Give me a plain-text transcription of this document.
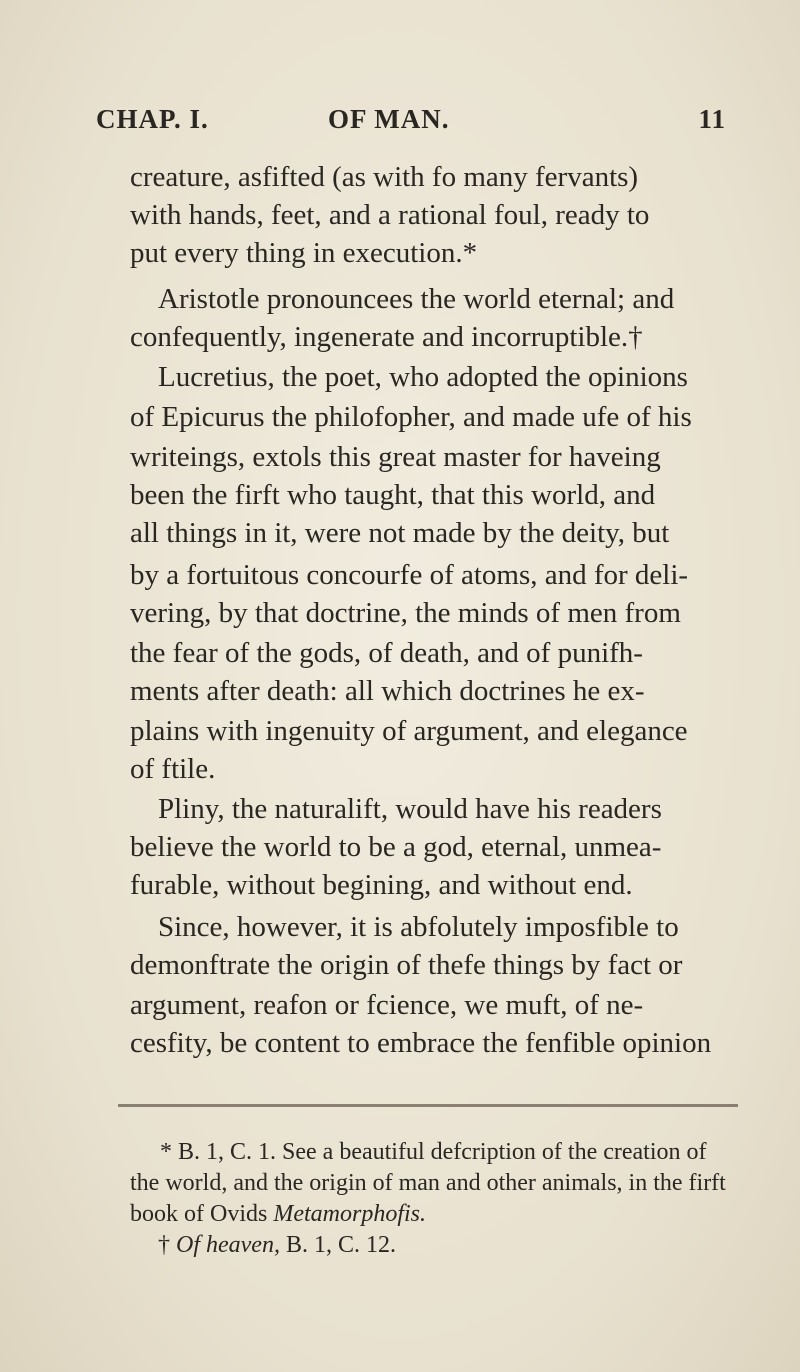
CHAP. I.	OF MAN.	11
creature, asfifted (as with fo many fervants)
with hands, feet, and a rational foul, ready to
put every thing in execution.*
Aristotle pronouncees the world eternal; and
confequently, ingenerate and incorruptible.†
Lucretius, the poet, who adopted the opinions
of Epicurus the philofopher, and made ufe of his
writeings, extols this great master for haveing
been the firft who taught, that this world, and
all things in it, were not made by the deity, but
by a fortuitous concourfe of atoms, and for deli-
vering, by that doctrine, the minds of men from
the fear of the gods, of death, and of punifh-
ments after death: all which doctrines he ex-
plains with ingenuity of argument, and elegance
of ftile.
Pliny, the naturalift, would have his readers
believe the world to be a god, eternal, unmea-
furable, without begining, and without end.
Since, however, it is abfolutely imposfible to
demonftrate the origin of thefe things by fact or
argument, reafon or fcience, we muft, of ne-
cesfity, be content to embrace the fenfible opinion
* B. 1, C. 1. See a beautiful defcription of the creation of
the world, and the origin of man and other animals, in the firft
book of Ovids Metamorphofis.
† Of heaven, B. 1, C. 12.
